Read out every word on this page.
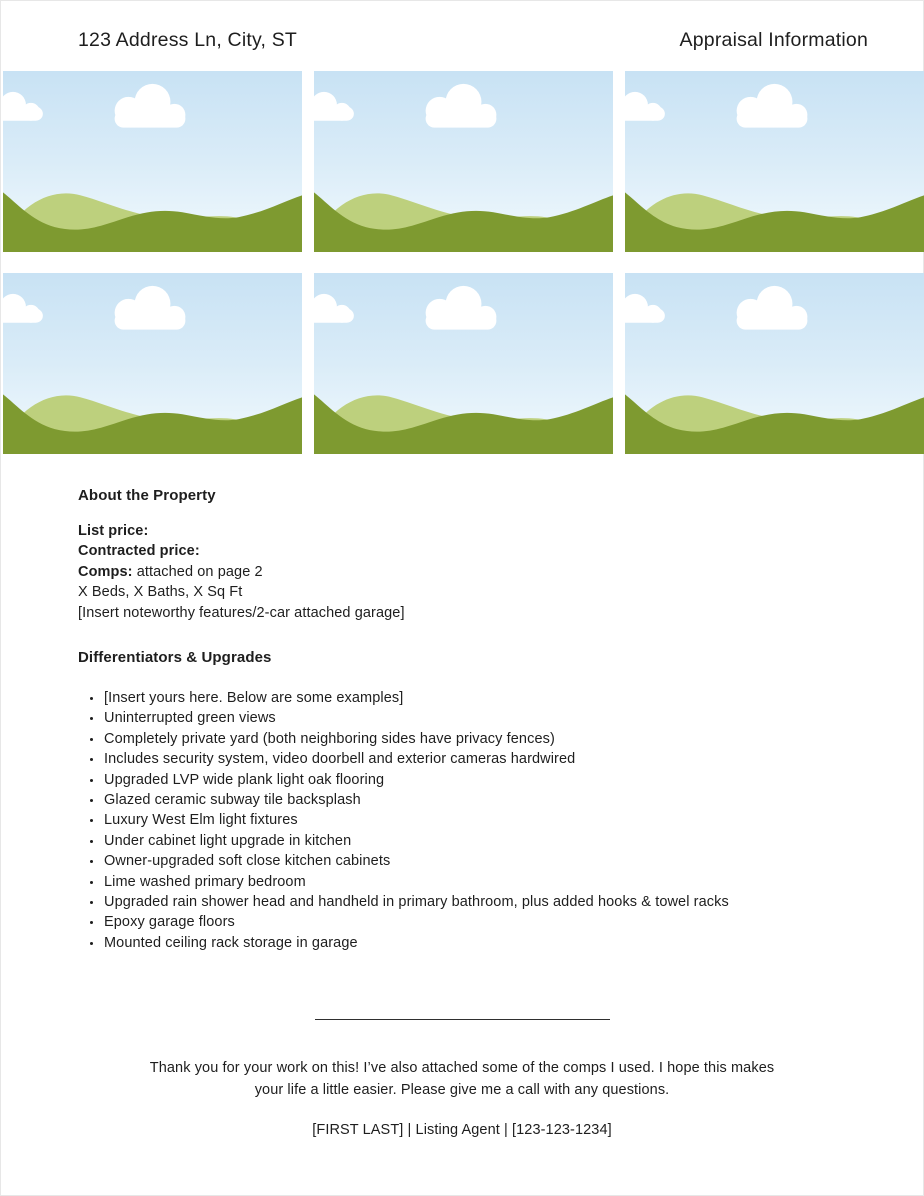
123 Address Ln, City, ST	Appraisal Information
About the Property
List price:
Contracted price:
Comps: attached on page 2
X Beds, X Baths, X Sq Ft
[Insert noteworthy features/2-car attached garage]
Differentiators & Upgrades
• [Insert yours here. Below are some examples]
• Uninterrupted green views
• Completely private yard (both neighboring sides have privacy fences)
• Includes security system, video doorbell and exterior cameras hardwired
• Upgraded LVP wide plank light oak flooring
• Glazed ceramic subway tile backsplash
• Luxury West Elm light fixtures
• Under cabinet light upgrade in kitchen
• Owner-upgraded soft close kitchen cabinets
• Lime washed primary bedroom
• Upgraded rain shower head and handheld in primary bathroom, plus added hooks & towel racks
• Epoxy garage floors
• Mounted ceiling rack storage in garage

Thank you for your work on this! I’ve also attached some of the comps I used. I hope this makes
your life a little easier. Please give me a call with any questions.

[FIRST LAST] | Listing Agent | [123-123-1234]
